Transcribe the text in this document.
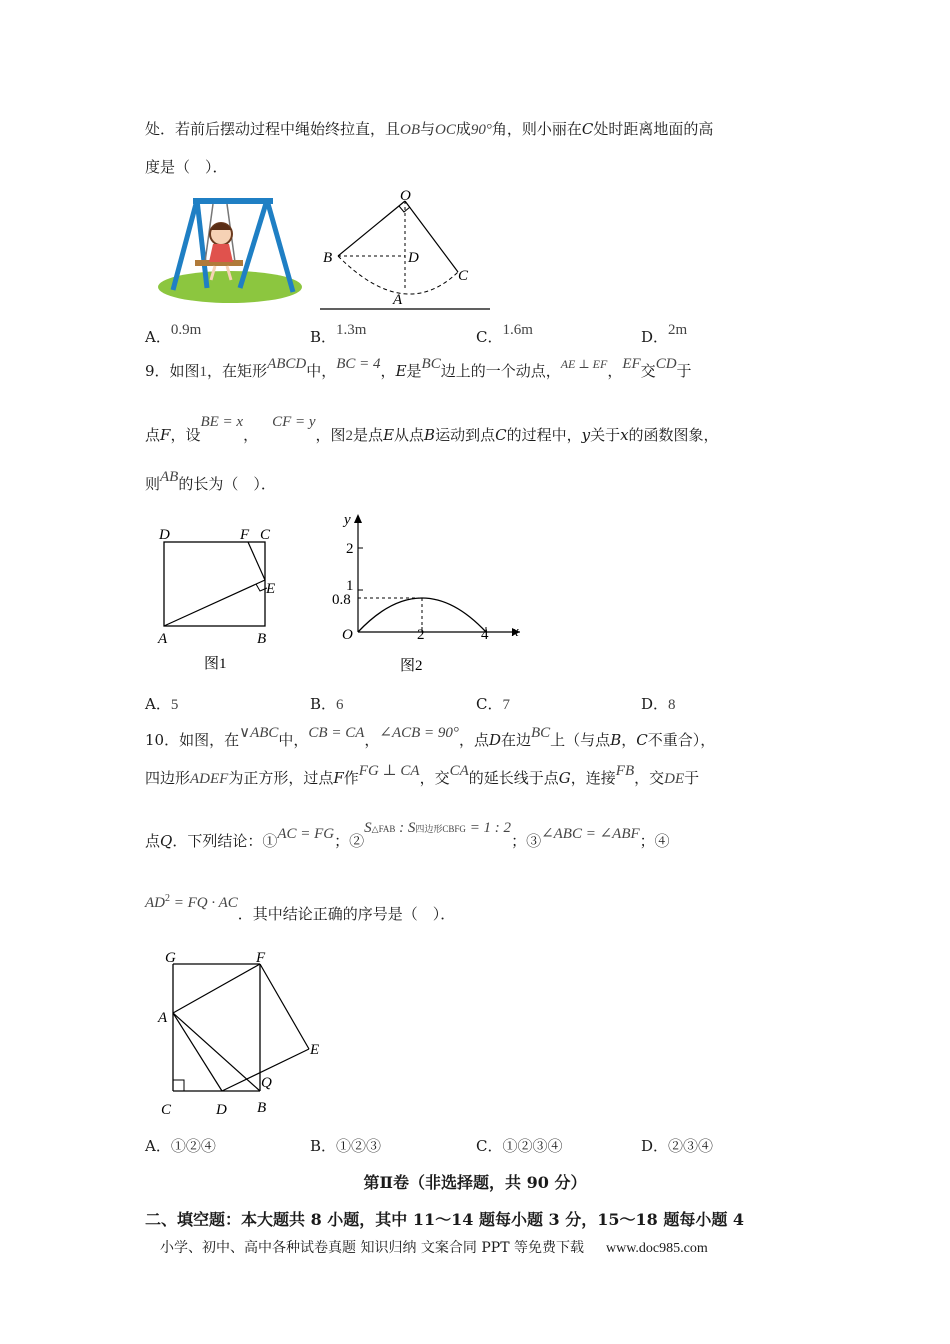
处．若前后摆动过程中绳始终拉直，且OB与OC成90°角，则小丽在C处时距离地面的高
度是（　）．
O
B	D
C
A
A．0.9m	B．1.3m	C．1.6m	D．2m
9．如图1，在矩形ABCD中，BC = 4，E是BC边上的一个动点，$^{AE \perp EF}$，EF交CD于
点F，设BE = x，CF = y，图2是点E从点B运动到点C的过程中，y关于x的函数图象，
则AB的长为（　）．
D	F C
E
A	B
图1
y
x
O
2
1
0.8
2	4
图2
A．5	B．6	C．7	D．8
10．如图，在∨ABC中，CB = CA，∠ACB = 90°，点D在边BC上（与点B，C不重合），
四边形ADEF为正方形，过点F作FG ⊥ CA，交CA的延长线于点G，连接FB，交DE于
点Q．下列结论：①AC = FG；②S△FAB : S四边形CBFG = 1 : 2；③∠ABC = ∠ABF；④
$AD^2$ = FQ · AC．其中结论正确的序号是（　）．
G	F
A
E
Q
C	D B
A．①②④	B．①②③	C．①②③④	D．②③④
第Ⅱ卷（非选择题，共 90 分）
二、填空题：本大题共 8 小题，其中 11～14 题每小题 3 分，15～18 题每小题 4
小学、初中、高中各种试卷真题 知识归纳 文案合同 PPT 等免费下载 www.doc985.com
